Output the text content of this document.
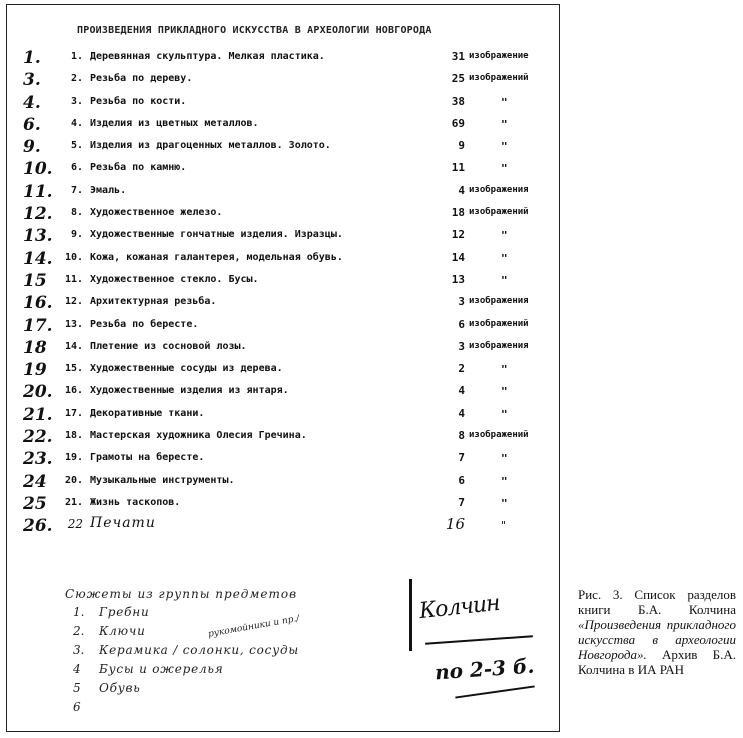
ПРОИЗВЕДЕНИЯ ПРИКЛАДНОГО ИСКУССТВА В АРХЕОЛОГИИ НОВГОРОДА
1.	1. Деревянная скульптура. Мелкая пластика.	31 изображение
3.	2. Резьба по дереву.	25 изображений
4.	3. Резьба по кости.	38	"
6.	4. Изделия из цветных металлов.	69	"
9.	5. Изделия из драгоценных металлов. Золото.	9	"
10.	6. Резьба по камню.	11	"
11.	7. Эмаль.	4 изображения
12.	8. Художественное железо.	18 изображений
13.	9. Художественные гончатные изделия. Изразцы.	12	"
14.	10. Кожа, кожаная галантерея, модельная обувь.	14	"
15	11. Художественное стекло. Бусы.	13	"
16.	12. Архитектурная резьба.	3 изображения
17.	13. Резьба по бересте.	6 изображений
18	14. Плетение из сосновой лозы.	3 изображения
19	15. Художественные сосуды из дерева.	2	"
20.	16. Художественные изделия из янтаря.	4	"
21.	17. Декоративные ткани.	4	"
22.	18. Мастерская художника Олесия Гречина.	8 изображений
23.	19. Грамоты на бересте.	7	"
24	20. Музыкальные инструменты.	6	"
25	21. Жизнь таскопов.	7	"
26.	22 Печати	16	"
Сюжеты из группы предметов
1.	Гребни
2.	Ключи
3.	Керамика / солонки, сосуды
4	Бусы и ожерелья
5	Обувь
6
рукомойники и пр./
Колчин
no 2-3 б.
Рис. 3. Список разделов книги Б.А. Колчина «Произведения прикладного искусства в археологии Новгорода». Архив Б.А. Колчина в ИА РАН
